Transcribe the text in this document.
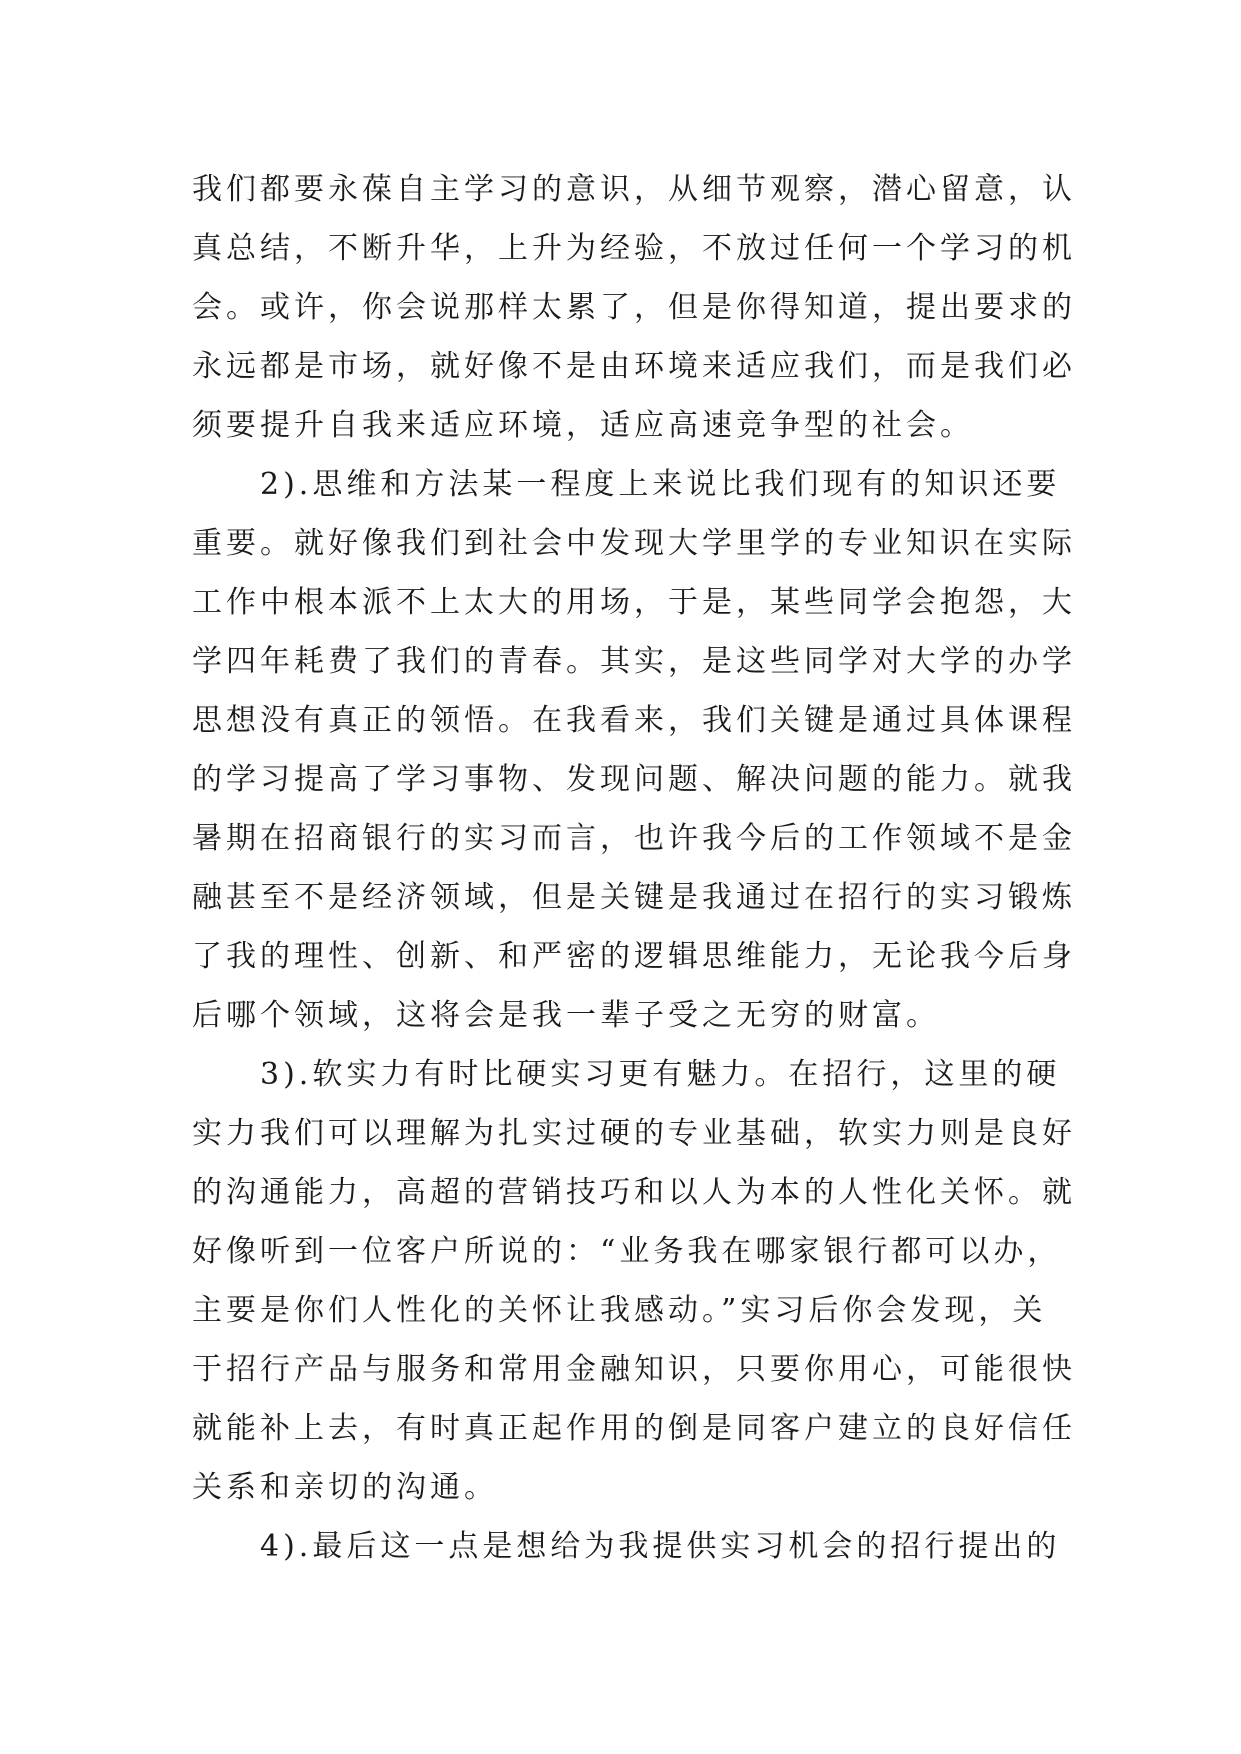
我们都要永葆自主学习的意识，从细节观察，潜心留意，认
真总结，不断升华，上升为经验，不放过任何一个学习的机
会。或许，你会说那样太累了，但是你得知道，提出要求的
永远都是市场，就好像不是由环境来适应我们，而是我们必
须要提升自我来适应环境，适应高速竞争型的社会。
　　2).思维和方法某一程度上来说比我们现有的知识还要
重要。就好像我们到社会中发现大学里学的专业知识在实际
工作中根本派不上太大的用场，于是，某些同学会抱怨，大
学四年耗费了我们的青春。其实，是这些同学对大学的办学
思想没有真正的领悟。在我看来，我们关键是通过具体课程
的学习提高了学习事物、发现问题、解决问题的能力。就我
暑期在招商银行的实习而言，也许我今后的工作领域不是金
融甚至不是经济领域，但是关键是我通过在招行的实习锻炼
了我的理性、创新、和严密的逻辑思维能力，无论我今后身
后哪个领域，这将会是我一辈子受之无穷的财富。
　　3).软实力有时比硬实习更有魅力。在招行，这里的硬
实力我们可以理解为扎实过硬的专业基础，软实力则是良好
的沟通能力，高超的营销技巧和以人为本的人性化关怀。就
好像听到一位客户所说的：“业务我在哪家银行都可以办，
主要是你们人性化的关怀让我感动。”实习后你会发现，关
于招行产品与服务和常用金融知识，只要你用心，可能很快
就能补上去，有时真正起作用的倒是同客户建立的良好信任
关系和亲切的沟通。
　　4).最后这一点是想给为我提供实习机会的招行提出的
